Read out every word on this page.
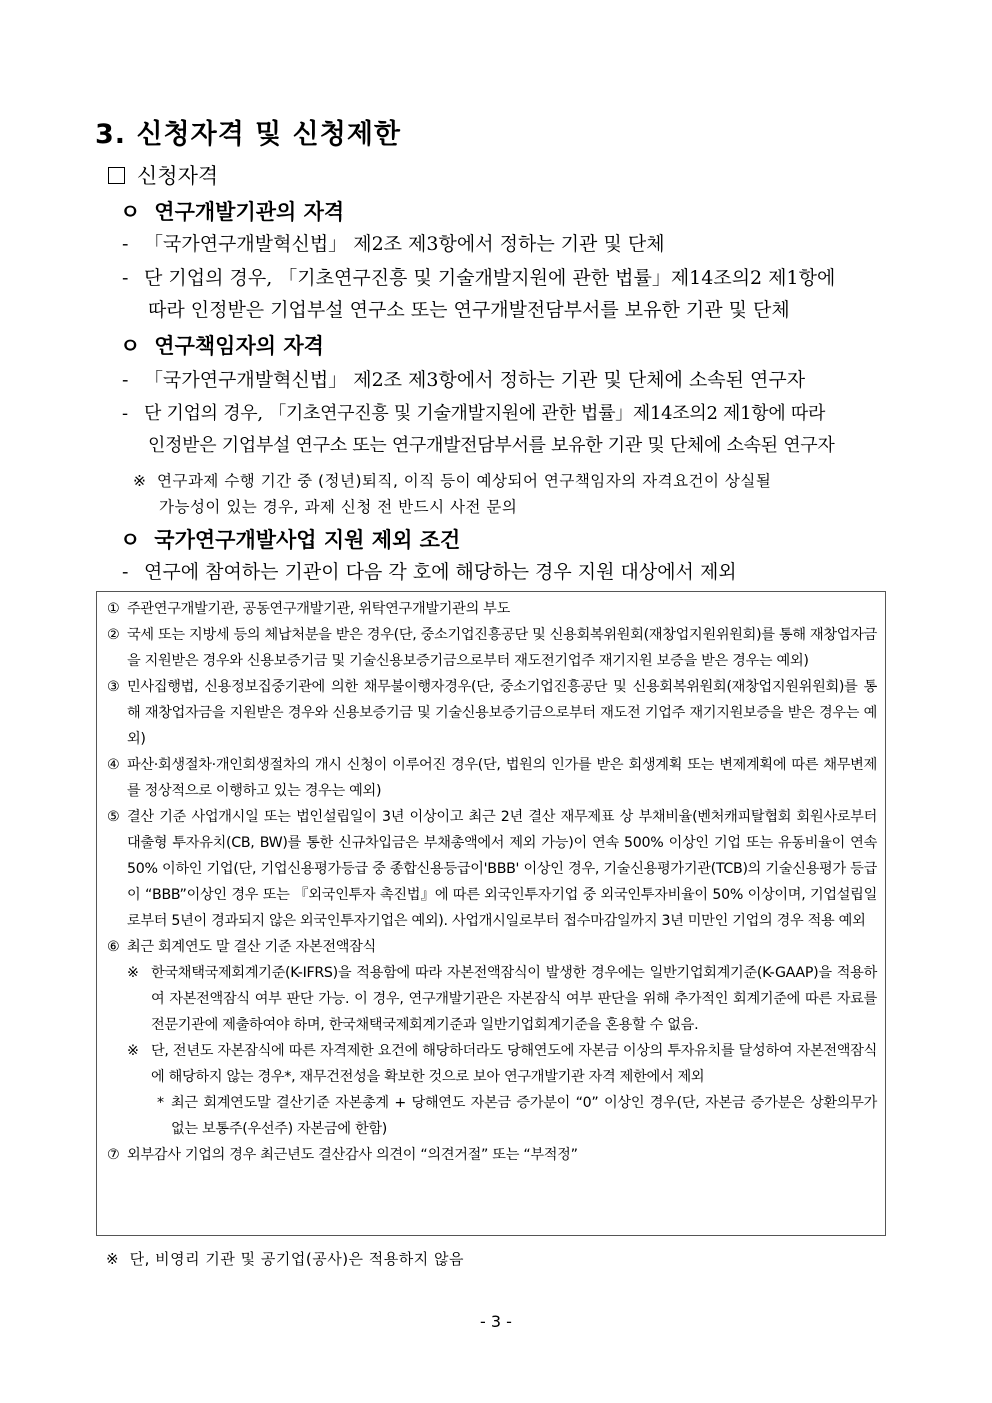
3. 신청자격 및 신청제한
신청자격
ㅇ 연구개발기관의 자격
- 「국가연구개발혁신법」 제2조 제3항에서 정하는 기관 및 단체
- 단 기업의 경우, 「기초연구진흥 및 기술개발지원에 관한 법률」제14조의2 제1항에
따라 인정받은 기업부설 연구소 또는 연구개발전담부서를 보유한 기관 및 단체
ㅇ 연구책임자의 자격
- 「국가연구개발혁신법」 제2조 제3항에서 정하는 기관 및 단체에 소속된 연구자
- 단 기업의 경우, 「기초연구진흥 및 기술개발지원에 관한 법률」제14조의2 제1항에 따라
인정받은 기업부설 연구소 또는 연구개발전담부서를 보유한 기관 및 단체에 소속된 연구자
※ 연구과제 수행 기간 중 (정년)퇴직, 이직 등이 예상되어 연구책임자의 자격요건이 상실될
가능성이 있는 경우, 과제 신청 전 반드시 사전 문의
ㅇ 국가연구개발사업 지원 제외 조건
- 연구에 참여하는 기관이 다음 각 호에 해당하는 경우 지원 대상에서 제외
① 주관연구개발기관, 공동연구개발기관, 위탁연구개발기관의 부도
② 국세 또는 지방세 등의 체납처분을 받은 경우(단, 중소기업진흥공단 및 신용회복위원회(재창업지원위원회)를 통해 재창업자금을 지원받은 경우와 신용보증기금 및 기술신용보증기금으로부터 재도전기업주 재기지원 보증을 받은 경우는 예외)
③ 민사집행법, 신용정보집중기관에 의한 채무불이행자경우(단, 중소기업진흥공단 및 신용회복위원회(재창업지원위원회)를 통해 재창업자금을 지원받은 경우와 신용보증기금 및 기술신용보증기금으로부터 재도전 기업주 재기지원보증을 받은 경우는 예외)
④ 파산·회생절차·개인회생절차의 개시 신청이 이루어진 경우(단, 법원의 인가를 받은 회생계획 또는 변제계획에 따른 채무변제를 정상적으로 이행하고 있는 경우는 예외)
⑤ 결산 기준 사업개시일 또는 법인설립일이 3년 이상이고 최근 2년 결산 재무제표 상 부채비율(벤처캐피탈협회 회원사로부터 대출형 투자유치(CB, BW)를 통한 신규차입금은 부채총액에서 제외 가능)이 연속 500% 이상인 기업 또는 유동비율이 연속 50% 이하인 기업(단, 기업신용평가등급 중 종합신용등급이'BBB' 이상인 경우, 기술신용평가기관(TCB)의 기술신용평가 등급이 “BBB”이상인 경우 또는 『외국인투자 촉진법』에 따른 외국인투자기업 중 외국인투자비율이 50% 이상이며, 기업설립일로부터 5년이 경과되지 않은 외국인투자기업은 예외). 사업개시일로부터 접수마감일까지 3년 미만인 기업의 경우 적용 예외
⑥ 최근 회계연도 말 결산 기준 자본전액잠식
※ 한국채택국제회계기준(K-IFRS)을 적용함에 따라 자본전액잠식이 발생한 경우에는 일반기업회계기준(K-GAAP)을 적용하여 자본전액잠식 여부 판단 가능. 이 경우, 연구개발기관은 자본잠식 여부 판단을 위해 추가적인 회계기준에 따른 자료를 전문기관에 제출하여야 하며, 한국채택국제회계기준과 일반기업회계기준을 혼용할 수 없음.
※ 단, 전년도 자본잠식에 따른 자격제한 요건에 해당하더라도 당해연도에 자본금 이상의 투자유치를 달성하여 자본전액잠식에 해당하지 않는 경우*, 재무건전성을 확보한 것으로 보아 연구개발기관 자격 제한에서 제외
* 최근 회계연도말 결산기준 자본총계 + 당해연도 자본금 증가분이 “0” 이상인 경우(단, 자본금 증가분은 상환의무가 없는 보통주(우선주) 자본금에 한함)
⑦ 외부감사 기업의 경우 최근년도 결산감사 의견이 “의견거절” 또는 “부적정”
※ 단, 비영리 기관 및 공기업(공사)은 적용하지 않음
- 3 -
